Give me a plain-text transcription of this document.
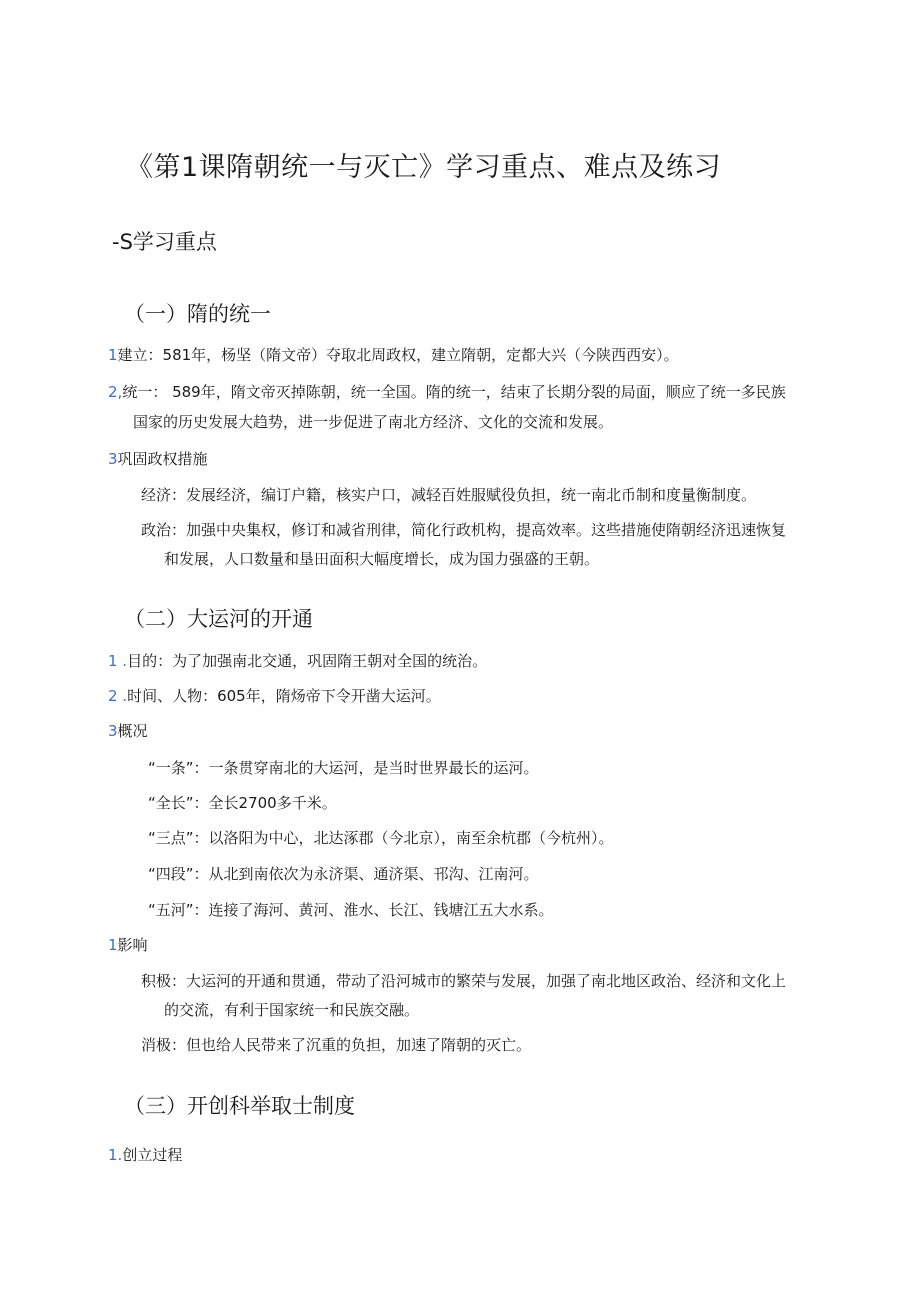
《第1课隋朝统一与灭亡》学习重点、难点及练习
-S学习重点
（一）隋的统一
1建立：581年，杨坚（隋文帝）夺取北周政权，建立隋朝，定都大兴（今陕西西安）。
2,统一： 589年，隋文帝灭掉陈朝，统一全国。隋的统一，结束了长期分裂的局面，顺应了统一多民族
国家的历史发展大趋势，进一步促进了南北方经济、文化的交流和发展。
3巩固政权措施
经济：发展经济，编订户籍，核实户口，减轻百姓服赋役负担，统一南北币制和度量衡制度。
政治：加强中央集权，修订和减省刑律，简化行政机构，提高效率。这些措施使隋朝经济迅速恢复
和发展，人口数量和垦田面积大幅度增长，成为国力强盛的王朝。
（二）大运河的开通
1 .目的：为了加强南北交通，巩固隋王朝对全国的统治。
2 .时间、人物：605年，隋炀帝下令开凿大运河。
3概况
“一条”：一条贯穿南北的大运河，是当时世界最长的运河。
“全长”：全长2700多千米。
“三点”：以洛阳为中心，北达涿郡（今北京），南至余杭郡（今杭州）。
“四段”：从北到南依次为永济渠、通济渠、邗沟、江南河。
“五河”：连接了海河、黄河、淮水、长江、钱塘江五大水系。
1影响
积极：大运河的开通和贯通，带动了沿河城市的繁荣与发展，加强了南北地区政治、经济和文化上
的交流，有利于国家统一和民族交融。
消极：但也给人民带来了沉重的负担，加速了隋朝的灭亡。
（三）开创科举取士制度
1.创立过程
